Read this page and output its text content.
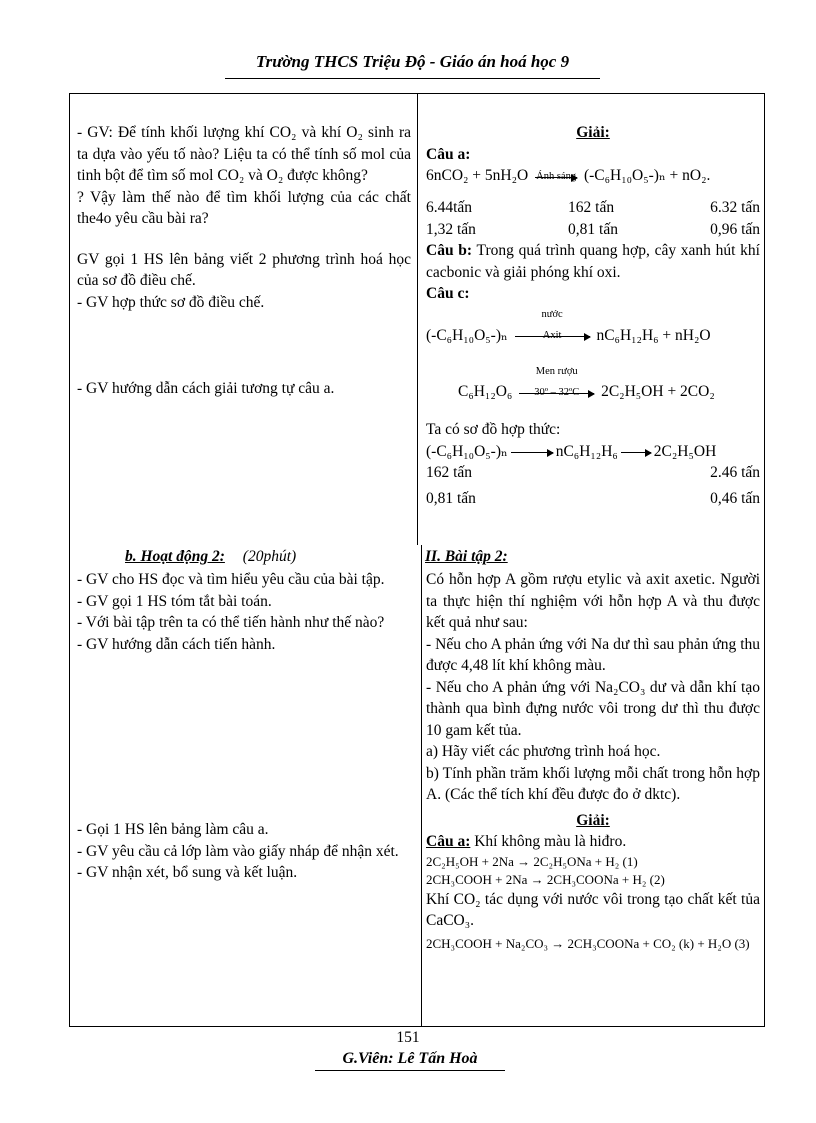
Trường THCS Triệu Độ - Giáo án hoá học 9

- GV: Để tính khối lượng khí CO₂ và khí O₂ sinh ra ta dựa vào yếu tố nào? Liệu ta có thể tính số mol của tinh bột để tìm số mol CO₂ và O₂ được không?

? Vậy làm thế nào để tìm khối lượng của các chất the4o yêu cầu bài ra?

GV gọi 1 HS lên bảng viết 2 phương trình hoá học của sơ đồ điều chế.

- GV hợp thức sơ đồ điều chế.

- GV hướng dẫn cách giải tương tự câu a.

Giải:

Câu a:

6nCO₂ + 5nH₂O Ánh sáng (-C₆H₁₀O₅-)ₙ + nO₂.

6.44tấn	162 tấn	6.32 tấn
1,32 tấn	0,81 tấn	0,96 tấn

Câu b: Trong quá trình quang hợp, cây xanh hút khí cacbonic và giải phóng khí oxi.

Câu c:

(-C₆H₁₀O₅-)ₙ
nước
Axit	nC₆H₁₂H₆ + nH₂O

C₆H₁₂O₆
Men rượu
30º – 32ºC	2C₂H₅OH + 2CO₂

Ta có sơ đồ hợp thức:

(-C₆H₁₀O₅-)ₙ	nC₆H₁₂H₆ 2C₂H₅OH

162 tấn	2.46 tấn
0,81 tấn	0,46 tấn
b. Hoạt động 2: (20phút)	II. Bài tập 2:

- GV cho HS đọc và tìm hiểu yêu cầu của bài tập.

- GV gọi 1 HS tóm tắt bài toán.

- Với bài tập trên ta có thể tiến hành như thế nào?

- GV hướng dẫn cách tiến hành.

- Gọi 1 HS lên bảng làm câu a.

- GV yêu cầu cả lớp làm vào giấy nháp để nhận xét.

- GV nhận xét, bổ sung và kết luận.

Có hỗn hợp A gồm rượu etylic và axit axetic. Người ta thực hiện thí nghiệm với hỗn hợp A và thu được kết quả như sau:

- Nếu cho A phản ứng với Na dư thì sau phản ứng thu được 4,48 lít khí không màu.

- Nếu cho A phản ứng với Na₂CO₃ dư và dẫn khí tạo thành qua bình đựng nước vôi trong dư thì thu được 10 gam kết tủa.

a) Hãy viết các phương trình hoá học.

b) Tính phần trăm khối lượng mỗi chất trong hỗn hợp A. (Các thể tích khí đều được đo ở dktc).

Giải:

Câu a: Khí không màu là hiđro.

2C₂H₅OH + 2Na → 2C₂H₅ONa + H₂ (1)

2CH₃COOH + 2Na → 2CH₃COONa + H₂ (2)

Khí CO₂ tác dụng với nước vôi trong tạo chất kết tủa CaCO₃.

2CH₃COOH + Na₂CO₃ → 2CH₃COONa + CO₂ (k) + H₂O (3)

151
G.Viên: Lê Tấn Hoà
